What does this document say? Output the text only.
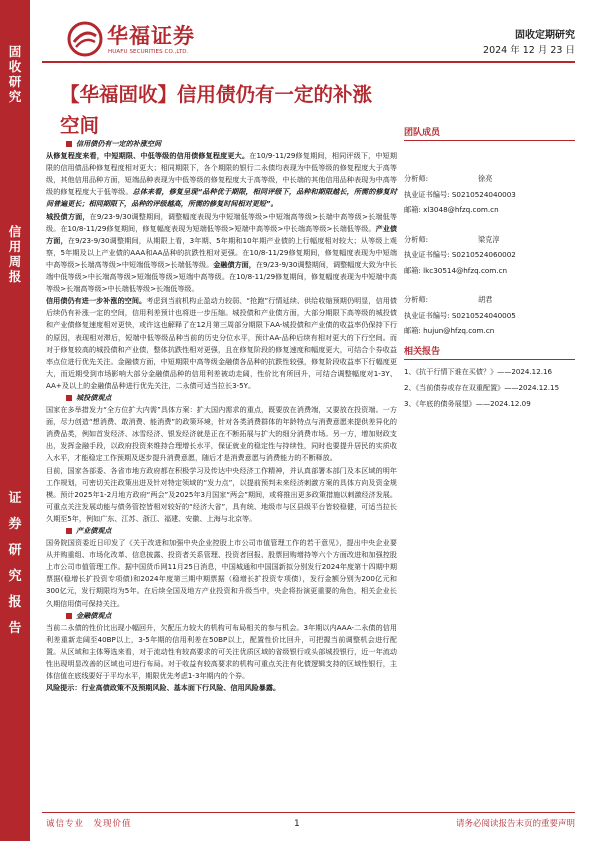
固
收
研
究
信
用
周
报
证
券
研
究
报
告
华福证券
HUAFU SECURITIES CO.,LTD.
固收定期研究
2024 年 12 月 23 日
【华福固收】信用债仍有一定的补涨
空间
信用债仍有一定的补涨空间

从修复程度来看，中短期限、中低等级的信用债修复程度更大。在10/9-11/29修复期间，相同评级下，中短期限的信用债品种修复程度相对更大；相同期限下，各个期限的银行二永债均表现为中低等级的修复程度大于高等级，其他信用品种方面，短端品种表现为中低等级的修复程度大于高等级，中长端的其他信用品种表现为中高等级的修复程度大于低等级。总体来看，修复呈现“品种优于期限，相同评级下，品种和期限越长，所需的修复时间普遍更长；相同期限下，品种的评级越高，所需的修复时间相对更短”。

城投债方面，在9/23-9/30调整期间，调整幅度表现为中短端低等级>中短端高等级>长端中高等级>长端低等级。在10/8-11/29修复期间，修复幅度表现为短端低等级>短端中高等级>中长端高等级>长端低等级。产业债方面，在9/23-9/30调整期间，从期限上看，3年期、5年期和10年期产业债的上行幅度相对较大；从等级上观察，5年期及以上产业债的AAA和AA品种的抗跌性相对更强。在10/8-11/29修复期间，修复幅度表现为中短端中高等级>长端高等级>中短端低等级>长端低等级。金融债方面，在9/23-9/30调整期间，调整幅度大致为中长端中低等级>中长端高等级>短端低等级>短端中高等级。在10/8-11/29修复期间，修复幅度表现为中短端中高等级>长端高等级>中长端低等级>长端低等级。

信用债仍有进一步补涨的空间。考虑到当前机构止盈动力较弱、“抢跑”行情延续、供给收缩预期仍明显，信用债后续仍有补涨一定的空间，信用利差预计也将进一步压缩。城投债和产业债方面，大部分期限下高等级的城投债和产业债修复速度相对更快，或许这也解释了在12月第三周部分期限下AA-城投债和产业债的收益率仍保持下行的原因，表现相对滞后，短端中低等级品种当前的历史分位水平，预计AA-品种后续有相对更大的下行空间。而对于修复较高的城投债和产业债，整体抗跌性相对更强，且在修复阶段的修复速度和幅度更大，可结合个券收益率点位进行优先关注。金融债方面，中短期限中高等级金融债各品种的抗跌性较强，修复阶段收益率下行幅度更大，而近期受到市场影响大部分金融债品种的信用利差被动走阔，性价比有所回升，可结合调整幅度对1-3Y、AA+及以上的金融债品种进行优先关注，二永债可适当拉长3-5Y。

城投债观点

国家在多举措发力“全方位扩大内需”具体方案：扩大国内需求的重点，既要放在消费端，又要放在投资端。一方面，尽力创造“想消费、敢消费、能消费”的政策环境，针对各类消费群体的年龄特点与消费意愿来提供差异化的消费品类，例如首发经济、冰雪经济、银发经济就是正在不断拓展与扩大的细分消费市场。另一方，增加财政支出，发挥金融手段，以政府投资来维持合理增长水平，保证就业的稳定性与持续性，同时也要提升居民的实质收入水平，才能稳定工作预期及逐步提升消费意愿，随后才是消费意愿与消费能力的不断释放。

目前，国家各部委、各省市地方政府都在积极学习及传达中央经济工作精神，并认真部署本部门及本区域的明年工作规划，可密切关注政策出进及针对特定领域的“发力点”，以提前预判未来经济刺激方案的具体方向及资金规模。预计2025年1-2月地方政府“两会”及2025年3月国家“两会”期间，或将推出更多政策措施以刺激经济发展。可重点关注发展动能与债务管控皆相对较好的“经济大省”，具有统、地级市与区县级平台皆较稳健，可适当拉长久期至5年，例如广东、江苏、浙江、福建、安徽、上海与北京等。

产业债观点

国务院国资委近日印发了《关于改进和加强中央企业控股上市公司市值管理工作的若干意见》，提出中央企业要从并购重组、市场化改革、信息披露、投资者关系管理、投资者回报、股票回购增持等六个方面改进和加强控股上市公司市值管理工作。据中国货币网11月25日消息，中国城通和中国国新拟分别发行2024年度第十四期中期票据(稳增长扩投资专项债)和2024年度第三期中期票据（稳增长扩投资专项债），发行金额分别为200亿元和300亿元，发行期限均为5年。在后续全国及地方产业投资和升级当中，央企将扮演更重要的角色，相关企业长久期信用债可保持关注。

金融债观点

当前二永债的性价比出现小幅回升，欠配压力较大的机构可布局相关的参与机会。3年期以内AAA-二永债的信用利差重新走阔至40BP以上，3-5年期的信用利差在50BP以上，配置性价比回升，可把握当前调整机会进行配置。从区域和主体筹选来看，对于流动性有较高要求的可关注优质区域的省级银行或头部城投银行，近一年流动性出现明显改善的区域也可进行布局。对于收益有较高要求的机构可重点关注有化债逻辑支持的区域性银行，主体信值在底线要好于平均水平，期限优先考虑1-3年期内的个券。

风险提示：行业高债政策不及预期风险、基本面下行风险、信用风险暴露。

团队成员
分析师:	徐亮
执业证书编号: S0210524040003
邮箱: xl3048@hfzq.com.cn
分析师:	梁克淳
执业证书编号: S0210524060002
邮箱: lkc30514@hfzq.com.cn
分析师:	胡君
执业证书编号: S0210524040005
邮箱: hujun@hfzq.com.cn
相关报告
1、《抗干行情下谁在买债？》——2024.12.16
2、《当前债券或存在双重配置》——2024.12.15
3、《年底的债务展望》——2024.12.09
诚信专业　发现价值	1	请务必阅读报告末页的重要声明
